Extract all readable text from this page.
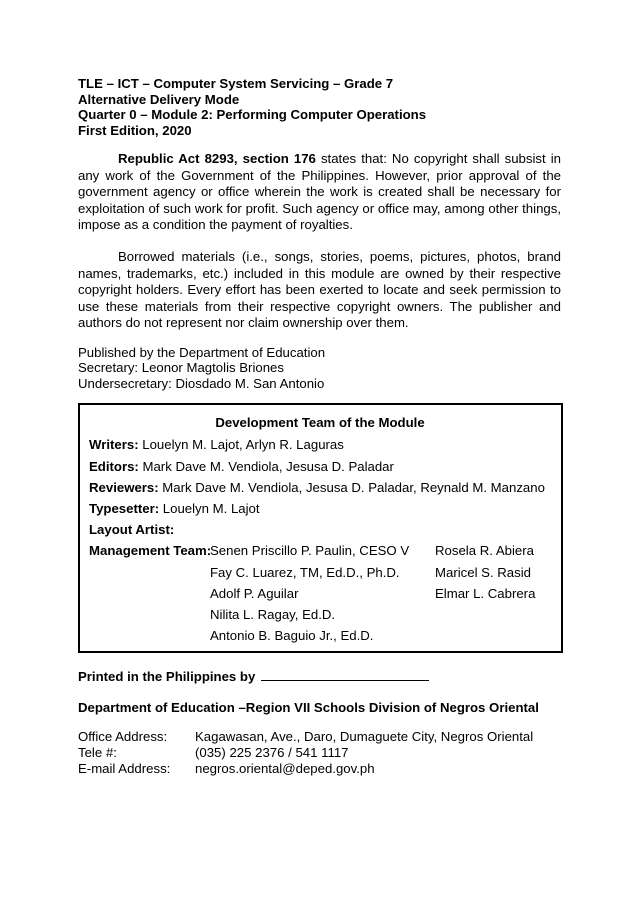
TLE – ICT – Computer System Servicing – Grade 7
Alternative Delivery Mode
Quarter 0 – Module 2: Performing Computer Operations
First Edition, 2020

Republic Act 8293, section 176 states that: No copyright shall subsist in any work of the Government of the Philippines. However, prior approval of the government agency or office wherein the work is created shall be necessary for exploitation of such work for profit. Such agency or office may, among other things, impose as a condition the payment of royalties.

Borrowed materials (i.e., songs, stories, poems, pictures, photos, brand names, trademarks, etc.) included in this module are owned by their respective copyright holders. Every effort has been exerted to locate and seek permission to use these materials from their respective copyright owners. The publisher and authors do not represent nor claim ownership over them.

Published by the Department of Education
Secretary: Leonor Magtolis Briones
Undersecretary: Diosdado M. San Antonio
Development Team of the Module
Writers: Louelyn M. Lajot, Arlyn R. Laguras
Editors: Mark Dave M. Vendiola, Jesusa D. Paladar
Reviewers: Mark Dave M. Vendiola, Jesusa D. Paladar, Reynald M. Manzano
Typesetter: Louelyn M. Lajot
Layout Artist:
Management Team:
Senen Priscillo P. Paulin, CESO V
Fay C. Luarez, TM, Ed.D., Ph.D.
Adolf P. Aguilar
Nilita L. Ragay, Ed.D.
Antonio B. Baguio Jr., Ed.D.
Rosela R. Abiera
Maricel S. Rasid
Elmar L. Cabrera
Printed in the Philippines by
Department of Education –Region VII Schools Division of Negros Oriental
Office Address: Kagawasan, Ave., Daro, Dumaguete City, Negros Oriental
Tele #:	(035) 225 2376 / 541 1117
E-mail Address: negros.oriental@deped.gov.ph
